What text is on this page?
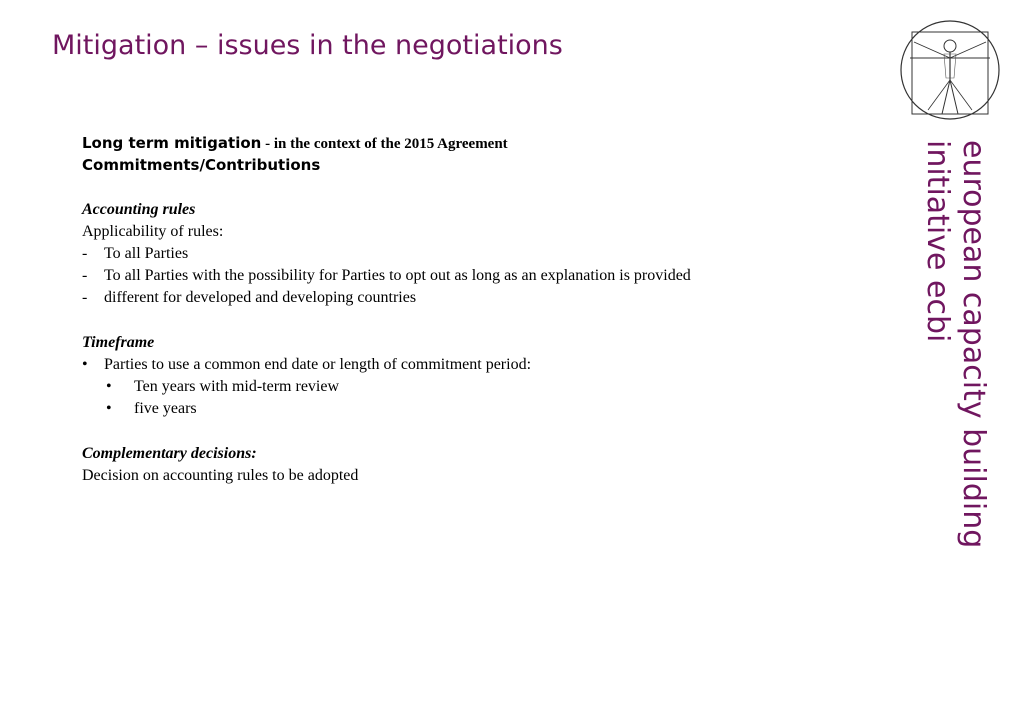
Mitigation – issues in the negotiations
european capacity building
initiative ecbi
Long term mitigation - in the context of the 2015 Agreement
Commitments/Contributions
Accounting rules
Applicability of rules:
- To all Parties
- To all Parties with the possibility for Parties to opt out as long as an explanation is provided
- different for developed and developing countries
Timeframe
• Parties to use a common end date or length of commitment period:
• Ten years with mid-term review
• five years
Complementary decisions:
Decision on accounting rules to be adopted
